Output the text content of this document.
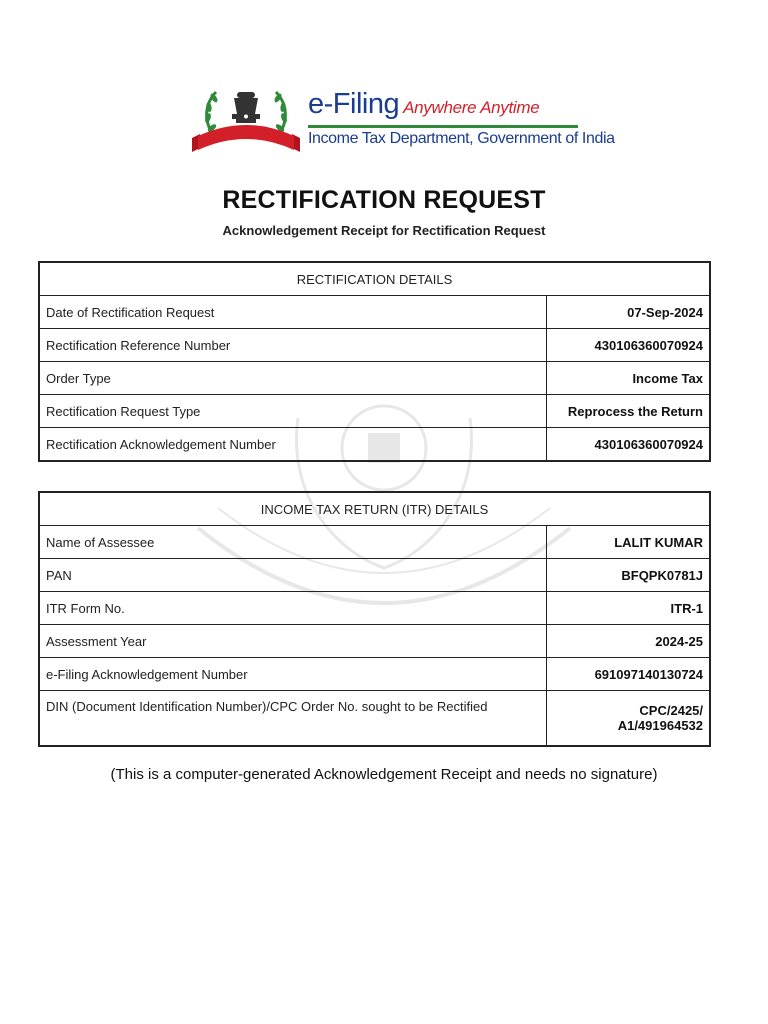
e-Filing Anywhere Anytime
Income Tax Department, Government of India
RECTIFICATION REQUEST
Acknowledgement Receipt for Rectification Request
RECTIFICATION DETAILS	
Date of Rectification Request	07-Sep-2024
Rectification Reference Number	430106360070924
Order Type	Income Tax
Rectification Request Type	Reprocess the Return
Rectification Acknowledgement Number	430106360070924
INCOME TAX RETURN (ITR) DETAILS	
Name of Assessee	LALIT KUMAR
PAN	BFQPK0781J
ITR Form No.	ITR-1
Assessment Year	2024-25
e-Filing Acknowledgement Number	691097140130724
DIN (Document Identification Number)/CPC Order No. sought to be Rectified	CPC/2425/
A1/491964532
(This is a computer-generated Acknowledgement Receipt and needs no signature)
